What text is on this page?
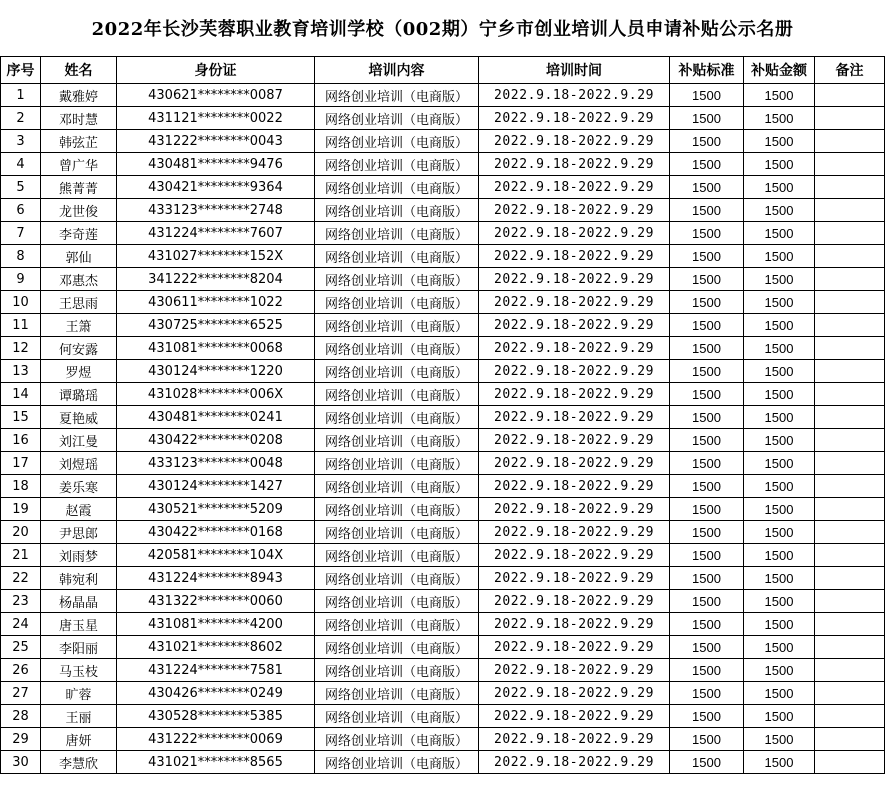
2022年长沙芙蓉职业教育培训学校（002期）宁乡市创业培训人员申请补贴公示名册
序号	姓名	身份证	培训内容	培训时间	补贴标准	补贴金额	备注
1	戴雅婷	430621********0087	网络创业培训（电商版）	2022.9.18-2022.9.29	1500	1500	
2	邓时慧	431121********0022	网络创业培训（电商版）	2022.9.18-2022.9.29	1500	1500	
3	韩弦芷	431222********0043	网络创业培训（电商版）	2022.9.18-2022.9.29	1500	1500	
4	曾广华	430481********9476	网络创业培训（电商版）	2022.9.18-2022.9.29	1500	1500	
5	熊菁菁	430421********9364	网络创业培训（电商版）	2022.9.18-2022.9.29	1500	1500	
6	龙世俊	433123********2748	网络创业培训（电商版）	2022.9.18-2022.9.29	1500	1500	
7	李奇莲	431224********7607	网络创业培训（电商版）	2022.9.18-2022.9.29	1500	1500	
8	郭仙	431027********152X	网络创业培训（电商版）	2022.9.18-2022.9.29	1500	1500	
9	邓惠杰	341222********8204	网络创业培训（电商版）	2022.9.18-2022.9.29	1500	1500	
10	王思雨	430611********1022	网络创业培训（电商版）	2022.9.18-2022.9.29	1500	1500	
11	王箫	430725********6525	网络创业培训（电商版）	2022.9.18-2022.9.29	1500	1500	
12	何安露	431081********0068	网络创业培训（电商版）	2022.9.18-2022.9.29	1500	1500	
13	罗煜	430124********1220	网络创业培训（电商版）	2022.9.18-2022.9.29	1500	1500	
14	谭璐瑶	431028********006X	网络创业培训（电商版）	2022.9.18-2022.9.29	1500	1500	
15	夏艳威	430481********0241	网络创业培训（电商版）	2022.9.18-2022.9.29	1500	1500	
16	刘江曼	430422********0208	网络创业培训（电商版）	2022.9.18-2022.9.29	1500	1500	
17	刘煜瑶	433123********0048	网络创业培训（电商版）	2022.9.18-2022.9.29	1500	1500	
18	姜乐寒	430124********1427	网络创业培训（电商版）	2022.9.18-2022.9.29	1500	1500	
19	赵霞	430521********5209	网络创业培训（电商版）	2022.9.18-2022.9.29	1500	1500	
20	尹思郎	430422********0168	网络创业培训（电商版）	2022.9.18-2022.9.29	1500	1500	
21	刘雨梦	420581********104X	网络创业培训（电商版）	2022.9.18-2022.9.29	1500	1500	
22	韩宛利	431224********8943	网络创业培训（电商版）	2022.9.18-2022.9.29	1500	1500	
23	杨晶晶	431322********0060	网络创业培训（电商版）	2022.9.18-2022.9.29	1500	1500	
24	唐玉星	431081********4200	网络创业培训（电商版）	2022.9.18-2022.9.29	1500	1500	
25	李阳丽	431021********8602	网络创业培训（电商版）	2022.9.18-2022.9.29	1500	1500	
26	马玉枝	431224********7581	网络创业培训（电商版）	2022.9.18-2022.9.29	1500	1500	
27	旷蓉	430426********0249	网络创业培训（电商版）	2022.9.18-2022.9.29	1500	1500	
28	王丽	430528********5385	网络创业培训（电商版）	2022.9.18-2022.9.29	1500	1500	
29	唐妍	431222********0069	网络创业培训（电商版）	2022.9.18-2022.9.29	1500	1500	
30	李慧欣	431021********8565	网络创业培训（电商版）	2022.9.18-2022.9.29	1500	1500	
